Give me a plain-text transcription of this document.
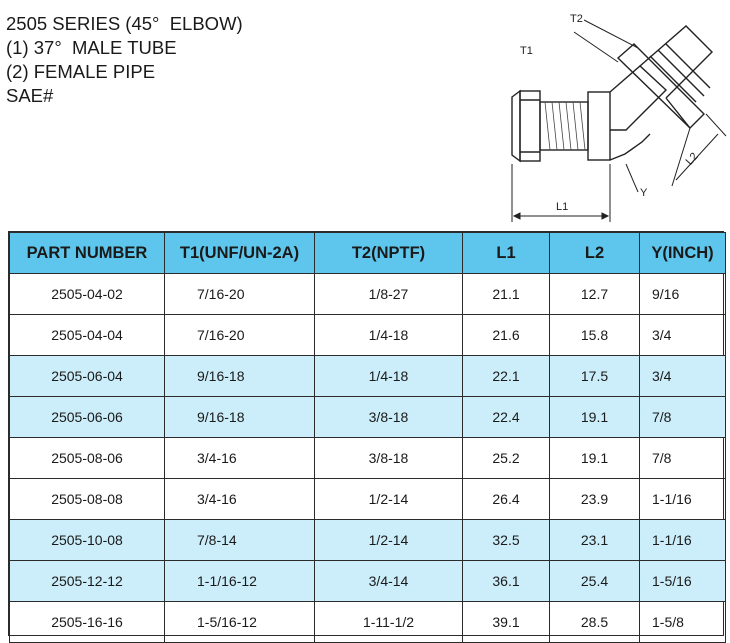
2505 SERIES (45°  ELBOW)
(1) 37°  MALE TUBE
(2) FEMALE PIPE
SAE#
T2
T1
L2
Y
L1
PART NUMBER	T1(UNF/UN-2A)	T2(NPTF)	L1	L2	Y(INCH)
2505-04-02	7/16-20	1/8-27	21.1	12.7	9/16
2505-04-04	7/16-20	1/4-18	21.6	15.8	3/4
2505-06-04	9/16-18	1/4-18	22.1	17.5	3/4
2505-06-06	9/16-18	3/8-18	22.4	19.1	7/8
2505-08-06	3/4-16	3/8-18	25.2	19.1	7/8
2505-08-08	3/4-16	1/2-14	26.4	23.9	1-1/16
2505-10-08	7/8-14	1/2-14	32.5	23.1	1-1/16
2505-12-12	1-1/16-12	3/4-14	36.1	25.4	1-5/16
2505-16-16	1-5/16-12	1-11-1/2	39.1	28.5	1-5/8
